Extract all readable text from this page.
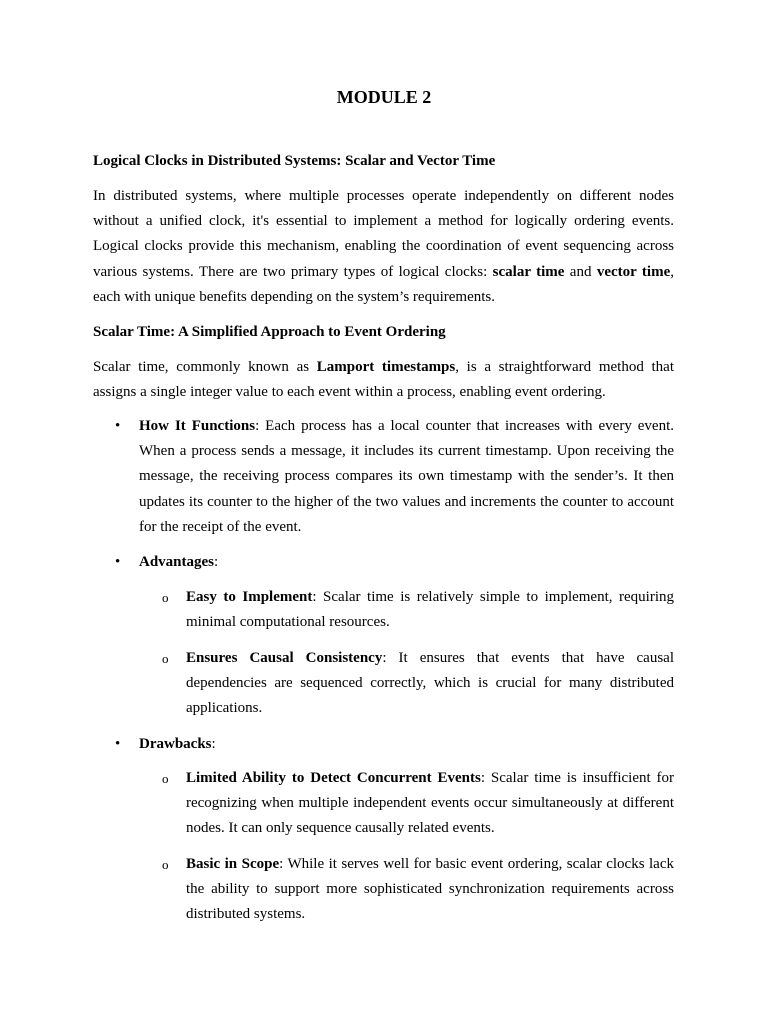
MODULE 2
Logical Clocks in Distributed Systems: Scalar and Vector Time
In distributed systems, where multiple processes operate independently on different nodes without a unified clock, it's essential to implement a method for logically ordering events. Logical clocks provide this mechanism, enabling the coordination of event sequencing across various systems. There are two primary types of logical clocks: scalar time and vector time, each with unique benefits depending on the system’s requirements.
Scalar Time: A Simplified Approach to Event Ordering
Scalar time, commonly known as Lamport timestamps, is a straightforward method that assigns a single integer value to each event within a process, enabling event ordering.
• How It Functions: Each process has a local counter that increases with every event. When a process sends a message, it includes its current timestamp. Upon receiving the message, the receiving process compares its own timestamp with the sender’s. It then updates its counter to the higher of the two values and increments the counter to account for the receipt of the event.
• Advantages:
o Easy to Implement: Scalar time is relatively simple to implement, requiring minimal computational resources.
o Ensures Causal Consistency: It ensures that events that have causal dependencies are sequenced correctly, which is crucial for many distributed applications.
• Drawbacks:
o Limited Ability to Detect Concurrent Events: Scalar time is insufficient for recognizing when multiple independent events occur simultaneously at different nodes. It can only sequence causally related events.
o Basic in Scope: While it serves well for basic event ordering, scalar clocks lack the ability to support more sophisticated synchronization requirements across distributed systems.
